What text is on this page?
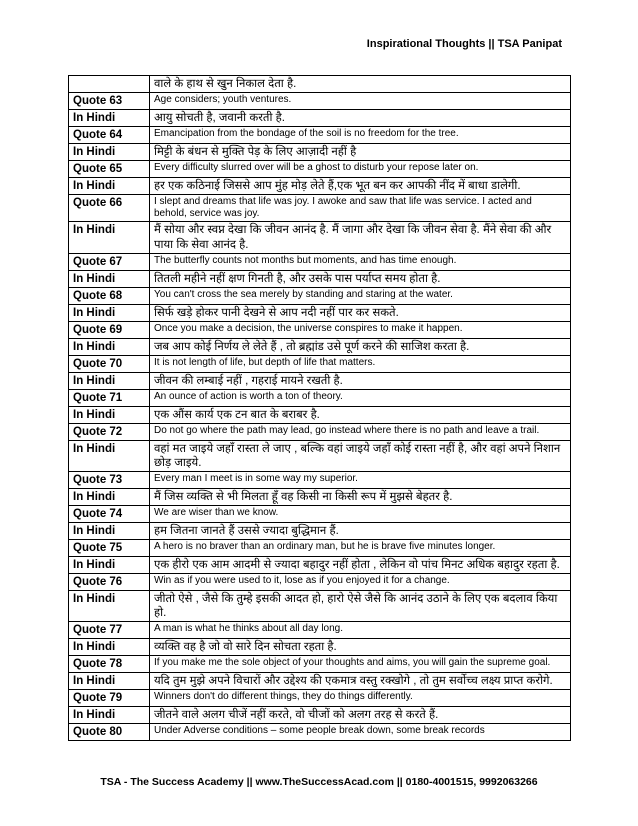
Inspirational Thoughts || TSA Panipat
	वाले के हाथ से खुन निकाल देता है.
Quote 63	Age considers; youth ventures.
In Hindi	आयु सोचती है, जवानी करती है.
Quote 64	Emancipation from the bondage of the soil is no freedom for the tree.
In Hindi	मिट्टी के बंधन से मुक्ति पेड़ के लिए आज़ादी नहीं है
Quote 65	Every difficulty slurred over will be a ghost to disturb your repose later on.
In Hindi	हर एक कठिनाई जिससे आप मुंह मोड़ लेते हैं,एक भूत बन कर आपकी नींद में बाधा डालेगी.
Quote 66	I slept and dreams that life was joy. I awoke and saw that life was service. I acted and behold, service was joy.
In Hindi	मैं सोया और स्वप्न देखा कि जीवन आनंद है. मैं जागा और देखा कि जीवन सेवा है. मैंने सेवा की और पाया कि सेवा आनंद है.
Quote 67	The butterfly counts not months but moments, and has time enough.
In Hindi	तितली महीने नहीं क्षण गिनती है, और उसके पास पर्याप्त समय होता है.
Quote 68	You can't cross the sea merely by standing and staring at the water.
In Hindi	सिर्फ खड़े होकर पानी देखने से आप नदी नहीं पार कर सकते.
Quote 69	Once you make a decision, the universe conspires to make it happen.
In Hindi	जब आप कोई निर्णय ले लेते हैं , तो ब्रह्मांड उसे पूर्ण करने की साजिश करता है.
Quote 70	It is not length of life, but depth of life that matters.
In Hindi	जीवन की लम्बाई नहीं , गहराई मायने रखती है.
Quote 71	An ounce of action is worth a ton of theory.
In Hindi	एक औंस कार्य एक टन बात के बराबर है.
Quote 72	Do not go where the path may lead, go instead where there is no path and leave a trail.
In Hindi	वहां मत जाइये जहाँ रास्ता ले जाए , बल्कि वहां जाइये जहाँ कोई रास्ता नहीं है, और वहां अपने निशान छोड़ जाइये.
Quote 73	Every man I meet is in some way my superior.
In Hindi	मैं जिस व्यक्ति से भी मिलता हूँ वह किसी ना किसी रूप में मुझसे बेहतर है.
Quote 74	We are wiser than we know.
In Hindi	हम जितना जानते हैं उससे ज्यादा बुद्धिमान हैं.
Quote 75	A hero is no braver than an ordinary man, but he is brave five minutes longer.
In Hindi	एक हीरो एक आम आदमी से ज्यादा बहादुर नहीं होता , लेकिन वो पांच मिनट अधिक बहादुर रहता है.
Quote 76	Win as if you were used to it, lose as if you enjoyed it for a change.
In Hindi	जीतो ऐसे , जैसे कि तुम्हे इसकी आदत हो, हारो ऐसे जैसे कि आनंद उठाने के लिए एक बदलाव किया हो.
Quote 77	A man is what he thinks about all day long.
In Hindi	व्यक्ति वह है जो वो सारे दिन सोचता रहता है.
Quote 78	If you make me the sole object of your thoughts and aims, you will gain the supreme goal.
In Hindi	यदि तुम मुझे अपने विचारों और उद्देश्य की एकमात्र वस्तु रक्खोगे , तो तुम सर्वोच्च लक्ष्य प्राप्त करोगे.
Quote 79	Winners don't do different things, they do things differently.
In Hindi	जीतने वाले अलग चीजें नहीं करते, वो चीजों को अलग तरह से करते हैं.
Quote 80	Under Adverse conditions – some people break down, some break records
TSA - The Success Academy || www.TheSuccessAcad.com || 0180-4001515, 9992063266
